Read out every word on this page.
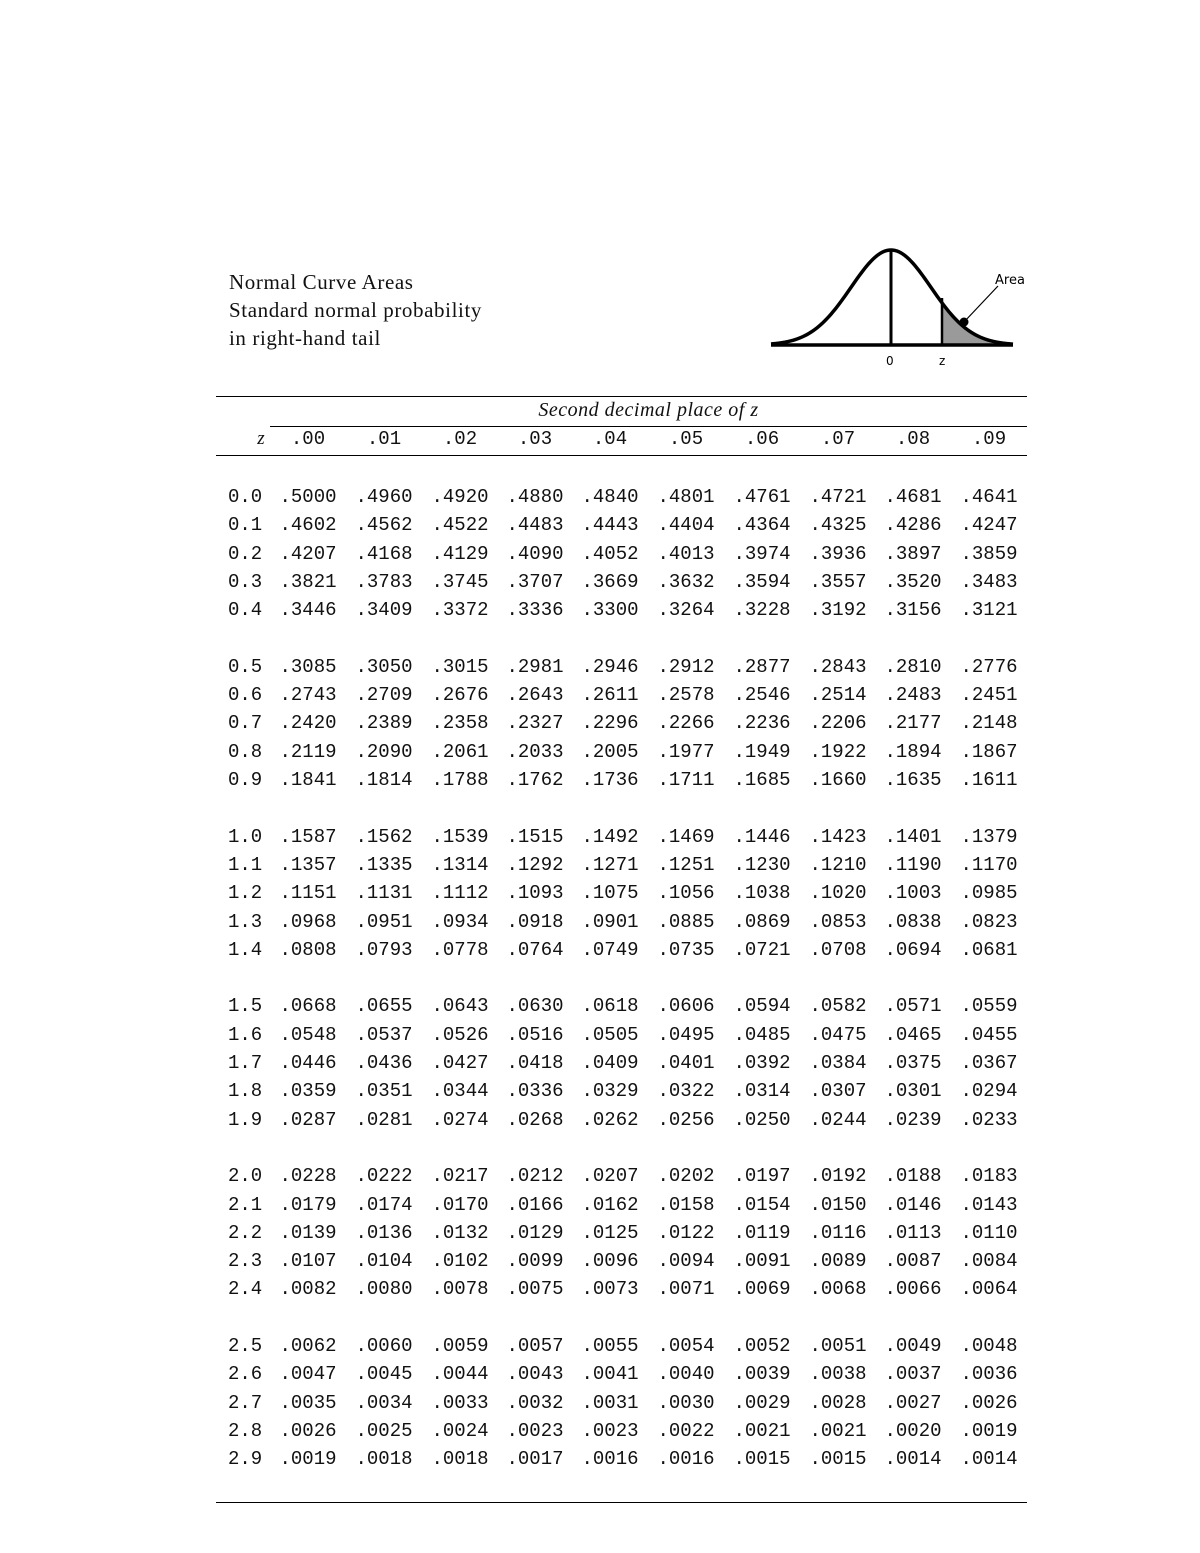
Normal Curve Areas
Standard normal probability
in right-hand tail
Area
0	z
Second decimal place of z
z	.00	.01	.02	.03	.04	.05	.06	.07	.08	.09
0.0 .5000 .4960 .4920 .4880 .4840 .4801 .4761 .4721 .4681 .4641
0.1 .4602 .4562 .4522 .4483 .4443 .4404 .4364 .4325 .4286 .4247
0.2 .4207 .4168 .4129 .4090 .4052 .4013 .3974 .3936 .3897 .3859
0.3 .3821 .3783 .3745 .3707 .3669 .3632 .3594 .3557 .3520 .3483
0.4 .3446 .3409 .3372 .3336 .3300 .3264 .3228 .3192 .3156 .3121
0.5 .3085 .3050 .3015 .2981 .2946 .2912 .2877 .2843 .2810 .2776
0.6 .2743 .2709 .2676 .2643 .2611 .2578 .2546 .2514 .2483 .2451
0.7 .2420 .2389 .2358 .2327 .2296 .2266 .2236 .2206 .2177 .2148
0.8 .2119 .2090 .2061 .2033 .2005 .1977 .1949 .1922 .1894 .1867
0.9 .1841 .1814 .1788 .1762 .1736 .1711 .1685 .1660 .1635 .1611
1.0 .1587 .1562 .1539 .1515 .1492 .1469 .1446 .1423 .1401 .1379
1.1 .1357 .1335 .1314 .1292 .1271 .1251 .1230 .1210 .1190 .1170
1.2 .1151 .1131 .1112 .1093 .1075 .1056 .1038 .1020 .1003 .0985
1.3 .0968 .0951 .0934 .0918 .0901 .0885 .0869 .0853 .0838 .0823
1.4 .0808 .0793 .0778 .0764 .0749 .0735 .0721 .0708 .0694 .0681
1.5 .0668 .0655 .0643 .0630 .0618 .0606 .0594 .0582 .0571 .0559
1.6 .0548 .0537 .0526 .0516 .0505 .0495 .0485 .0475 .0465 .0455
1.7 .0446 .0436 .0427 .0418 .0409 .0401 .0392 .0384 .0375 .0367
1.8 .0359 .0351 .0344 .0336 .0329 .0322 .0314 .0307 .0301 .0294
1.9 .0287 .0281 .0274 .0268 .0262 .0256 .0250 .0244 .0239 .0233
2.0 .0228 .0222 .0217 .0212 .0207 .0202 .0197 .0192 .0188 .0183
2.1 .0179 .0174 .0170 .0166 .0162 .0158 .0154 .0150 .0146 .0143
2.2 .0139 .0136 .0132 .0129 .0125 .0122 .0119 .0116 .0113 .0110
2.3 .0107 .0104 .0102 .0099 .0096 .0094 .0091 .0089 .0087 .0084
2.4 .0082 .0080 .0078 .0075 .0073 .0071 .0069 .0068 .0066 .0064
2.5 .0062 .0060 .0059 .0057 .0055 .0054 .0052 .0051 .0049 .0048
2.6 .0047 .0045 .0044 .0043 .0041 .0040 .0039 .0038 .0037 .0036
2.7 .0035 .0034 .0033 .0032 .0031 .0030 .0029 .0028 .0027 .0026
2.8 .0026 .0025 .0024 .0023 .0023 .0022 .0021 .0021 .0020 .0019
2.9 .0019 .0018 .0018 .0017 .0016 .0016 .0015 .0015 .0014 .0014
